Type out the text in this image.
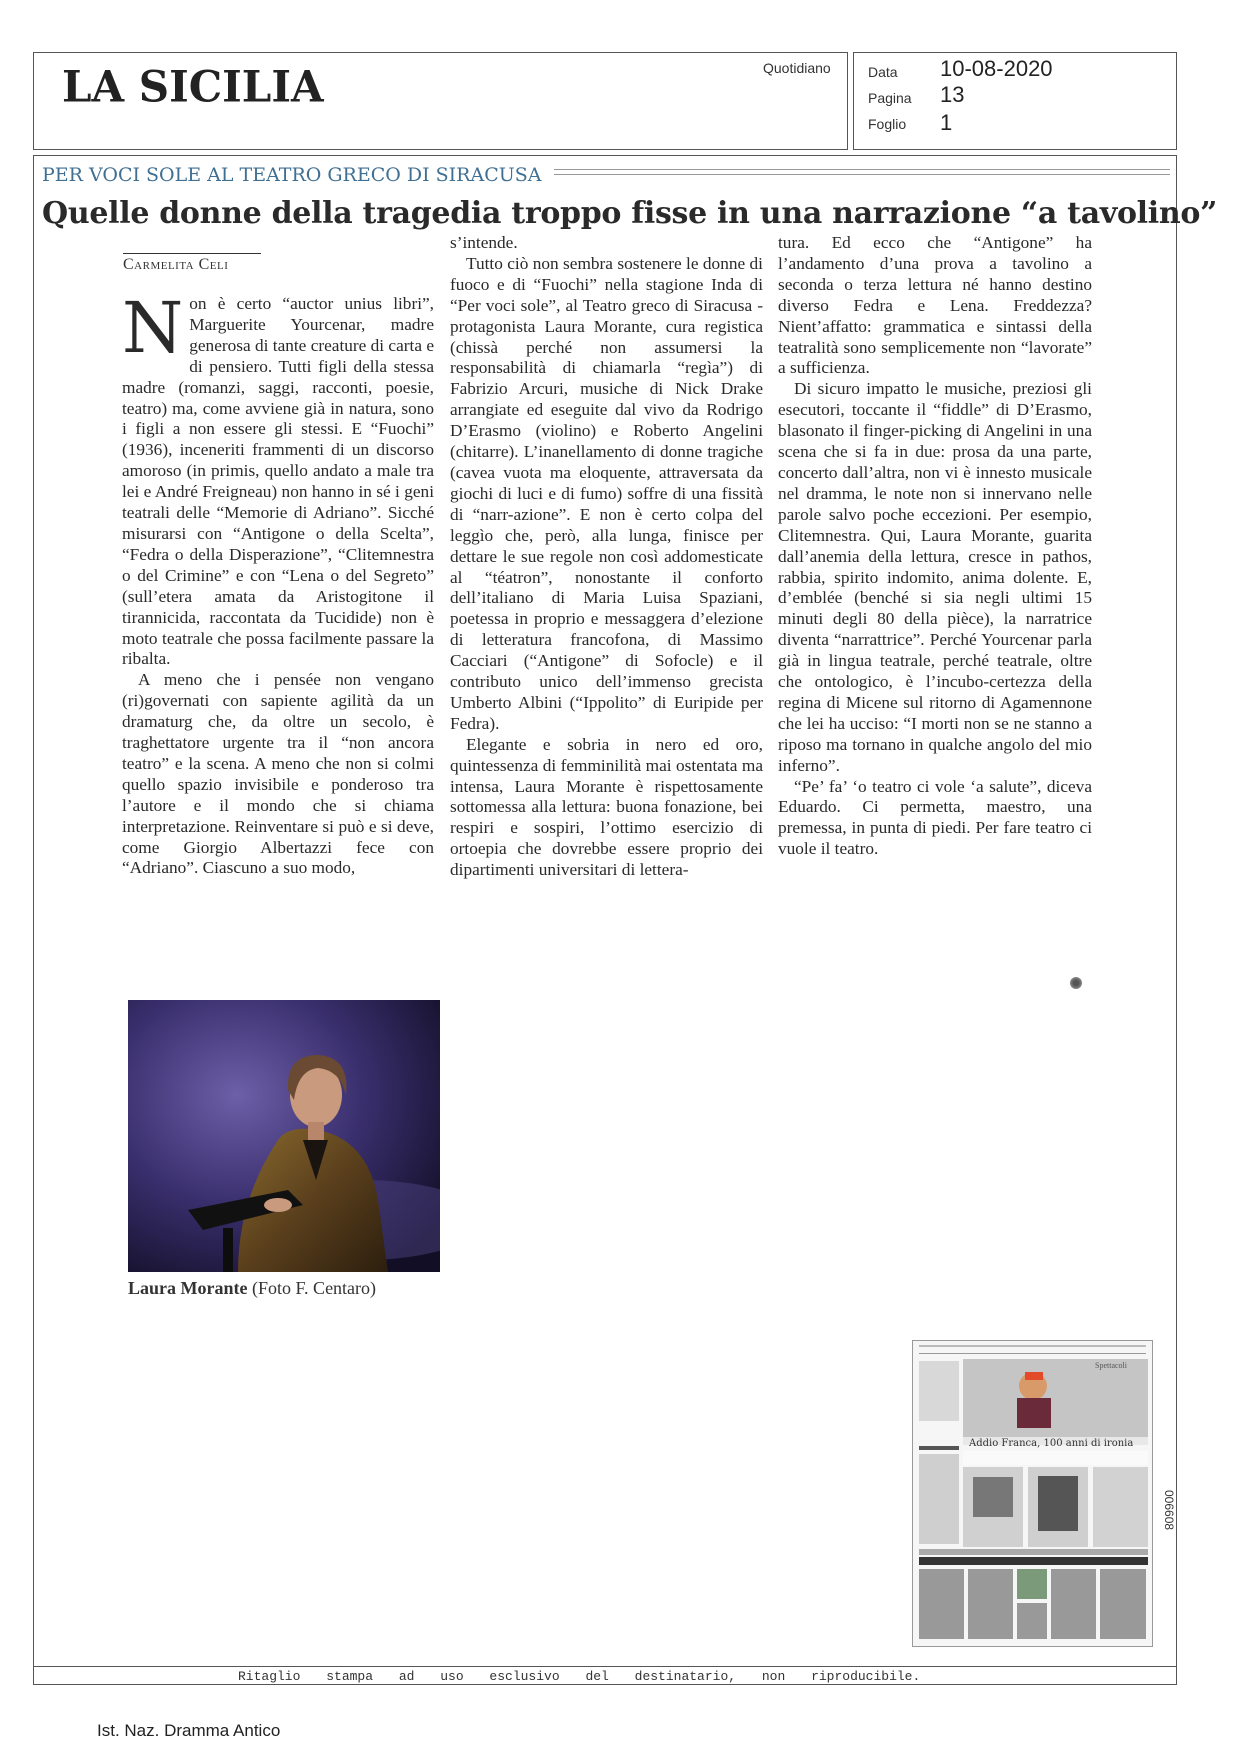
LA SICILIA	Quotidiano	Data 10-08-2020
Pagina 13
Foglio 1
PER VOCI SOLE AL TEATRO GRECO DI SIRACUSA
Quelle donne della tragedia troppo fisse in una narrazione “a tavolino”
Carmelita Celi

Non è certo “auctor unius libri”, Marguerite Yourcenar, madre generosa di tante creature di carta e di pensiero. Tutti figli della stessa madre (romanzi, saggi, racconti, poesie, teatro) ma, come avviene già in natura, sono i figli a non essere gli stessi. E “Fuochi” (1936), inceneriti frammenti di un discorso amoroso (in primis, quello andato a male tra lei e André Freigneau) non hanno in sé i geni teatrali delle “Memorie di Adriano”. Sicché misurarsi con “Antigone o della Scelta”, “Fedra o della Disperazione”, “Clitemnestra o del Crimine” e con “Lena o del Segreto” (sull’etera amata da Aristogitone il tirannicida, raccontata da Tucidide) non è moto teatrale che possa facilmente passare la ribalta.

A meno che i pensée non vengano (ri)governati con sapiente agilità da un dramaturg che, da oltre un secolo, è traghettatore urgente tra il “non ancora teatro” e la scena. A meno che non si colmi quello spazio invisibile e ponderoso tra l’autore e il mondo che si chiama interpretazione. Reinventare si può e si deve, come Giorgio Albertazzi fece con “Adriano”. Ciascuno a suo modo,

s’intende.

Tutto ciò non sembra sostenere le donne di fuoco e di “Fuochi” nella stagione Inda di “Per voci sole”, al Teatro greco di Siracusa - protagonista Laura Morante, cura registica (chissà perché non assumersi la responsabilità di chiamarla “regìa”) di Fabrizio Arcuri, musiche di Nick Drake arrangiate ed eseguite dal vivo da Rodrigo D’Erasmo (violino) e Roberto Angelini (chitarre). L’inanellamento di donne tragiche (cavea vuota ma eloquente, attraversata da giochi di luci e di fumo) soffre di una fissità di “narr-azione”. E non è certo colpa del leggìo che, però, alla lunga, finisce per dettare le sue regole non così addomesticate al “téatron”, nonostante il conforto dell’italiano di Maria Luisa Spaziani, poetessa in proprio e messaggera d’elezione di letteratura francofona, di Massimo Cacciari (“Antigone” di Sofocle) e il contributo unico dell’immenso grecista Umberto Albini (“Ippolito” di Euripide per Fedra).

Elegante e sobria in nero ed oro, quintessenza di femminilità mai ostentata ma intensa, Laura Morante è rispettosamente sottomessa alla lettura: buona fonazione, bei respiri e sospiri, l’ottimo esercizio di ortoepia che dovrebbe essere proprio dei dipartimenti universitari di lettera-

tura. Ed ecco che “Antigone” ha l’andamento d’una prova a tavolino a seconda o terza lettura né hanno destino diverso Fedra e Lena. Freddezza? Nient’affatto: grammatica e sintassi della teatralità sono semplicemente non “lavorate” a sufficienza.

Di sicuro impatto le musiche, preziosi gli esecutori, toccante il “fiddle” di D’Erasmo, blasonato il finger-picking di Angelini in una scena che si fa in due: prosa da una parte, concerto dall’altra, non vi è innesto musicale nel dramma, le note non si innervano nelle parole salvo poche eccezioni. Per esempio, Clitemnestra. Qui, Laura Morante, guarita dall’anemia della lettura, cresce in pathos, rabbia, spirito indomito, anima dolente. E, d’emblée (benché si sia negli ultimi 15 minuti degli 80 della pièce), la narratrice diventa “narrattrice”. Perché Yourcenar parla già in lingua teatrale, perché teatrale, oltre che ontologico, è l’incubo-certezza della regina di Micene sul ritorno di Agamennone che lei ha ucciso: “I morti non se ne stanno a riposo ma tornano in qualche angolo del mio inferno”.

“Pe’ fa’ ‘o teatro ci vole ‘a salute”, diceva Eduardo. Ci permetta, maestro, una premessa, in punta di piedi. Per fare teatro ci vuole il teatro.

Laura Morante (Foto F. Centaro)
Spettacoli
Addio Franca, 100 anni di ironia
006608
Ritaglio stampa ad uso esclusivo del destinatario, non riproducibile.
Ist. Naz. Dramma Antico
